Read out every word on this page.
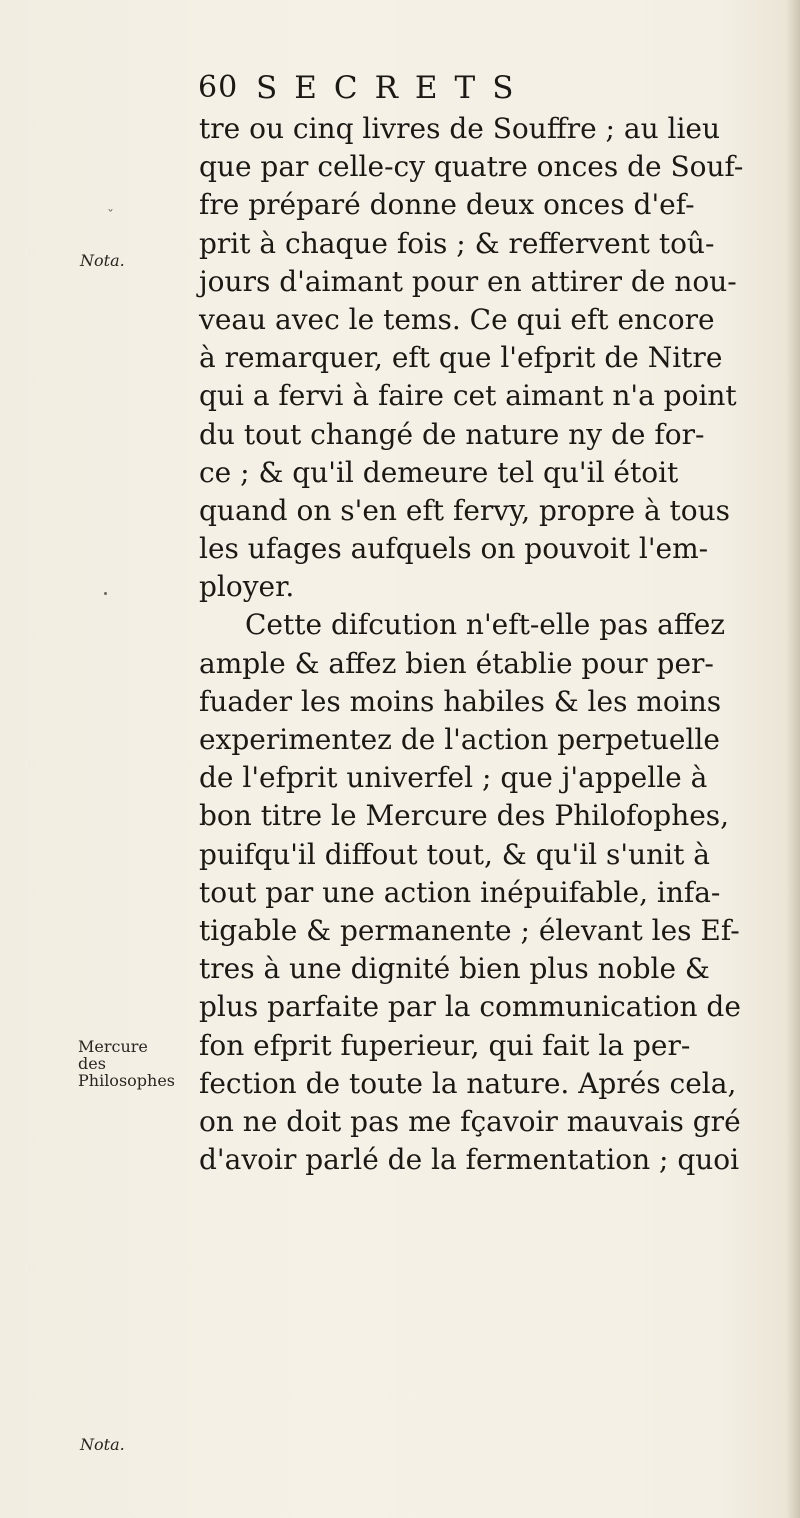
60 SECRETS
ˇ
Nota.
Mercure des Philosophes
Nota.
tre ou cinq livres de Souffre ; au lieu
que par celle-cy quatre onces de Souf-
fre préparé donne deux onces d'ef-
prit à chaque fois ; & reffervent toû-
jours d'aimant pour en attirer de nou-
veau avec le tems. Ce qui eft encore
à remarquer, eft que l'efprit de Nitre
qui a fervi à faire cet aimant n'a point
du tout changé de nature ny de for-
ce ; & qu'il demeure tel qu'il étoit
quand on s'en eft fervy, propre à tous
les ufages aufquels on pouvoit l'em-
ployer.
Cette difcution n'eft-elle pas affez
ample & affez bien établie pour per-
fuader les moins habiles & les moins
experimentez de l'action perpetuelle
de l'efprit univerfel ; que j'appelle à
bon titre le Mercure des Philofophes,
puifqu'il diffout tout, & qu'il s'unit à
tout par une action inépuifable, infa-
tigable & permanente ; élevant les Ef-
tres à une dignité bien plus noble &
plus parfaite par la communication de
fon efprit fuperieur, qui fait la per-
fection de toute la nature. Aprés cela,
on ne doit pas me fçavoir mauvais gré
d'avoir parlé de la fermentation ; quoi
